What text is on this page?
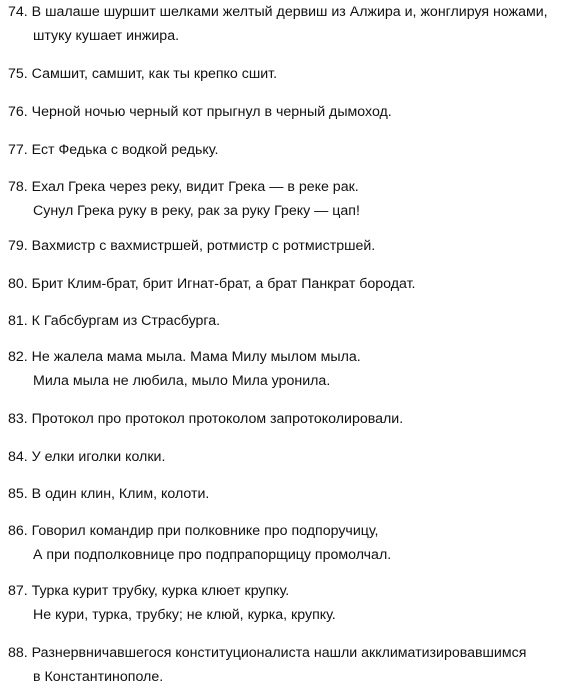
74. В шалаше шуршит шелками желтый дервиш из Алжира и, жонглируя ножами,
штуку кушает инжира.
75. Самшит, самшит, как ты крепко сшит.
76. Черной ночью черный кот прыгнул в черный дымоход.
77. Ест Федька с водкой редьку.
78. Ехал Грека через реку, видит Грека — в реке рак.
Сунул Грека руку в реку, рак за руку Греку — цап!
79. Вахмистр с вахмистршей, ротмистр с ротмистршей.
80. Брит Клим-брат, брит Игнат-брат, а брат Панкрат бородат.
81. К Габсбургам из Страсбурга.
82. Не жалела мама мыла. Мама Милу мылом мыла.
Мила мыла не любила, мыло Мила уронила.
83. Протокол про протокол протоколом запротоколировали.
84. У елки иголки колки.
85. В один клин, Клим, колоти.
86. Говорил командир при полковнике про подпоручицу,
А при подполковнице про подпрапорщицу промолчал.
87. Турка курит трубку, курка клюет крупку.
Не кури, турка, трубку; не клюй, курка, крупку.
88. Разнервничавшегося конституционалиста нашли акклиматизировавшимся
в Константинополе.
